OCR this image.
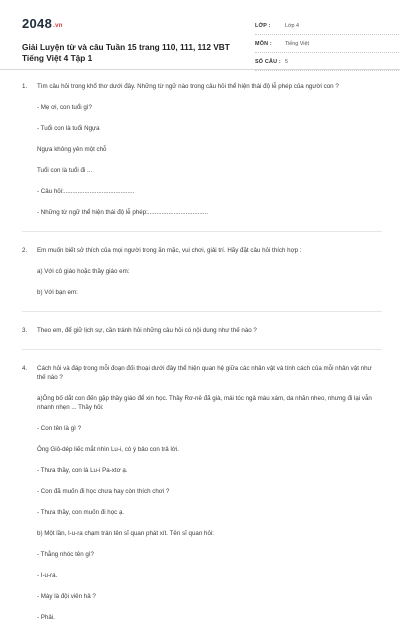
2048.vn
Giải Luyện từ và câu Tuần 15 trang 110, 111, 112 VBT
Tiếng Việt 4 Tập 1
LỚP :	Lớp 4
MÔN : Tiếng Việt
SỐ CÂU : 5
1. Tìm câu hỏi trong khổ thơ dưới đây. Những từ ngữ nào trong câu hỏi thể hiện thái độ lễ phép của người con ?
- Mẹ ơi, con tuổi gì?
- Tuổi con là tuổi Ngựa
Ngựa không yên một chỗ
Tuổi con là tuổi đi ...
- Câu hỏi:.........................................
- Những từ ngữ thể hiện thái độ lễ phép:...................................
2. Em muốn biết sở thích của mọi người trong ăn mặc, vui chơi, giải trí. Hãy đặt câu hỏi thích hợp :
a) Với cô giáo hoặc thầy giáo em:
b) Với bạn em:
3. Theo em, để giữ lịch sự, cần tránh hỏi những câu hỏi có nội dung như thế nào ?
4. Cách hỏi và đáp trong mỗi đoạn đối thoại dưới đây thể hiện quan hệ giữa các nhân vật và tính cách của mỗi nhân vật như thế nào ?
a)Ông bố dắt con đến gặp thầy giáo để xin học. Thầy Rơ-nê đã già, mái tóc ngả màu xám, da nhăn nheo, nhưng đi lại vẫn nhanh nhẹn ... Thầy hỏi:
- Con tên là gì ?
Ông Giô-dép liếc mắt nhìn Lu-i, có ý bảo con trả lời.
- Thưa thầy, con là Lu-i Pa-xtơ ạ.
- Con đã muốn đi học chưa hay còn thích chơi ?
- Thưa thầy, con muốn đi học ạ.
b) Một lần, I-u-ra chạm trán tên sĩ quan phát xít. Tên sĩ quan hỏi:
- Thằng nhóc tên gì?
- I-u-ra.
- Mày là đội viên hả ?
- Phải.
